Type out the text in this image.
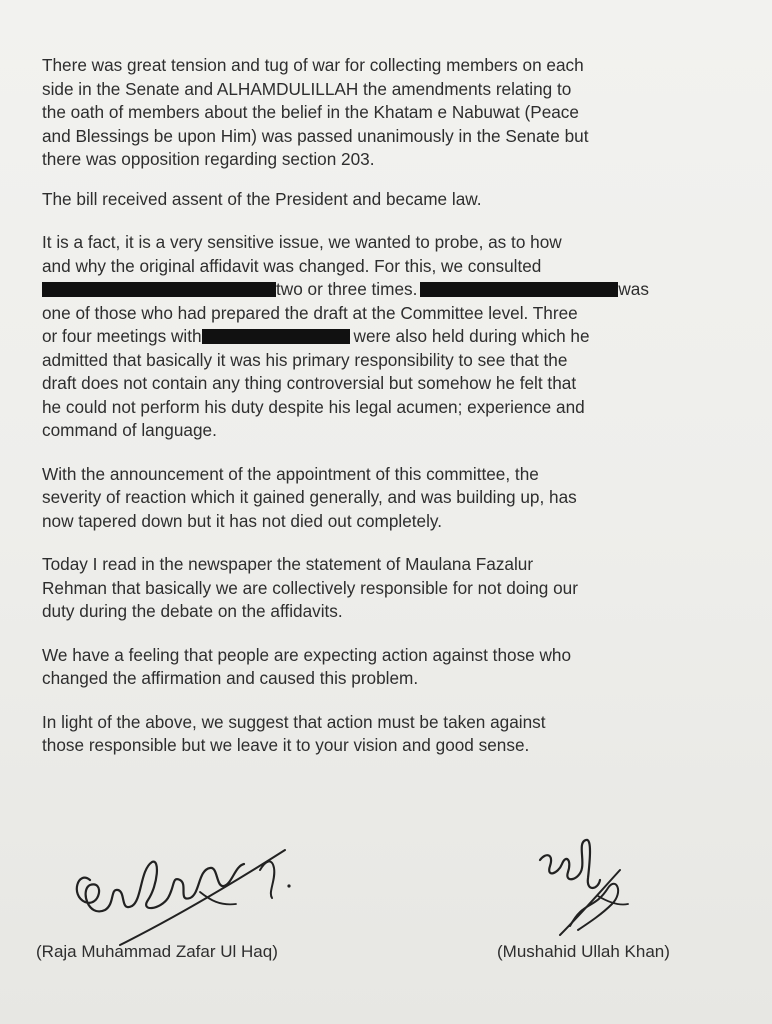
There was great tension and tug of war for collecting members on each
side in the Senate and ALHAMDULILLAH the amendments relating to
the oath of members about the belief in the Khatam e Nabuwat (Peace
and Blessings be upon Him) was passed unanimously in the Senate but
there was opposition regarding section 203.

The bill received assent of the President and became law.

It is a fact, it is a very sensitive issue, we wanted to probe, as to how
and why the original affidavit was changed. For this, we consulted
two or three times.	was
one of those who had prepared the draft at the Committee level. Three
or four meetings with	were also held during which he
admitted that basically it was his primary responsibility to see that the
draft does not contain any thing controversial but somehow he felt that
he could not perform his duty despite his legal acumen; experience and
command of language.

With the announcement of the appointment of this committee, the
severity of reaction which it gained generally, and was building up, has
now tapered down but it has not died out completely.

Today I read in the newspaper the statement of Maulana Fazalur
Rehman that basically we are collectively responsible for not doing our
duty during the debate on the affidavits.

We have a feeling that people are expecting action against those who
changed the affirmation and caused this problem.

In light of the above, we suggest that action must be taken against
those responsible but we leave it to your vision and good sense.

(Raja Muhammad Zafar Ul Haq)	(Mushahid Ullah Khan)
